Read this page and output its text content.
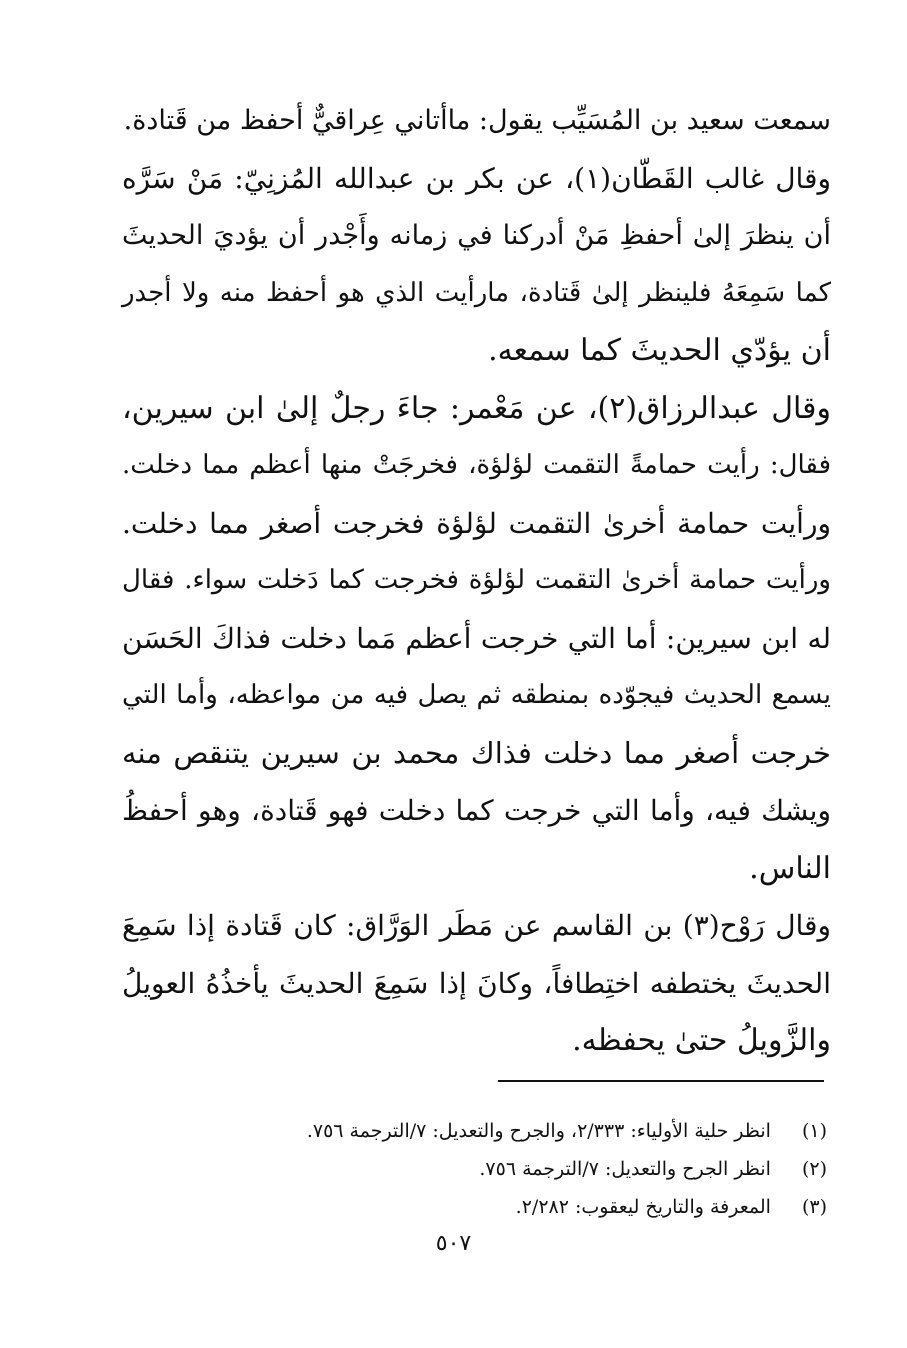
سمعت سعيد بن المُسَيِّب يقول: ماأتاني عِراقيٌّ أحفظ من قَتادة.
وقال غالب القَطّان(١)، عن بكر بن عبدالله المُزنِيّ: مَنْ سَرَّه
أن ينظرَ إلىٰ أحفظِ مَنْ أدركنا في زمانه وأَجْدر أن يؤديَ الحديثَ
كما سَمِعَهُ فلينظر إلىٰ قَتادة، مارأيت الذي هو أحفظ منه ولا أجدر
أن يؤدّي الحديثَ كما سمعه.
وقال عبدالرزاق(٢)، عن مَعْمر: جاءَ رجلٌ إلىٰ ابن سيرين،
فقال: رأيت حمامةً التقمت لؤلؤة، فخرجَتْ منها أعظم مما دخلت.
ورأيت حمامة أخرىٰ التقمت لؤلؤة فخرجت أصغر مما دخلت.
ورأيت حمامة أخرىٰ التقمت لؤلؤة فخرجت كما دَخلت سواء. فقال
له ابن سيرين: أما التي خرجت أعظم مَما دخلت فذاكَ الحَسَن
يسمع الحديث فيجوّده بمنطقه ثم يصل فيه من مواعظه، وأما التي
خرجت أصغر مما دخلت فذاك محمد بن سيرين يتنقص منه
ويشك فيه، وأما التي خرجت كما دخلت فهو قَتادة، وهو أحفظُ
الناس.
وقال رَوْح(٣) بن القاسم عن مَطَر الوَرَّاق: كان قَتادة إذا سَمِعَ
الحديثَ يختطفه اختِطافاً، وكانَ إذا سَمِعَ الحديثَ يأخذُهُ العويلُ
والزَّويلُ حتىٰ يحفظه.
(١) انظر حلية الأولياء: ٢/٣٣٣، والجرح والتعديل: ٧/الترجمة ٧٥٦.
(٢) انظر الجرح والتعديل: ٧/الترجمة ٧٥٦.
(٣) المعرفة والتاريخ ليعقوب: ٢/٢٨٢.
٥٠٧
